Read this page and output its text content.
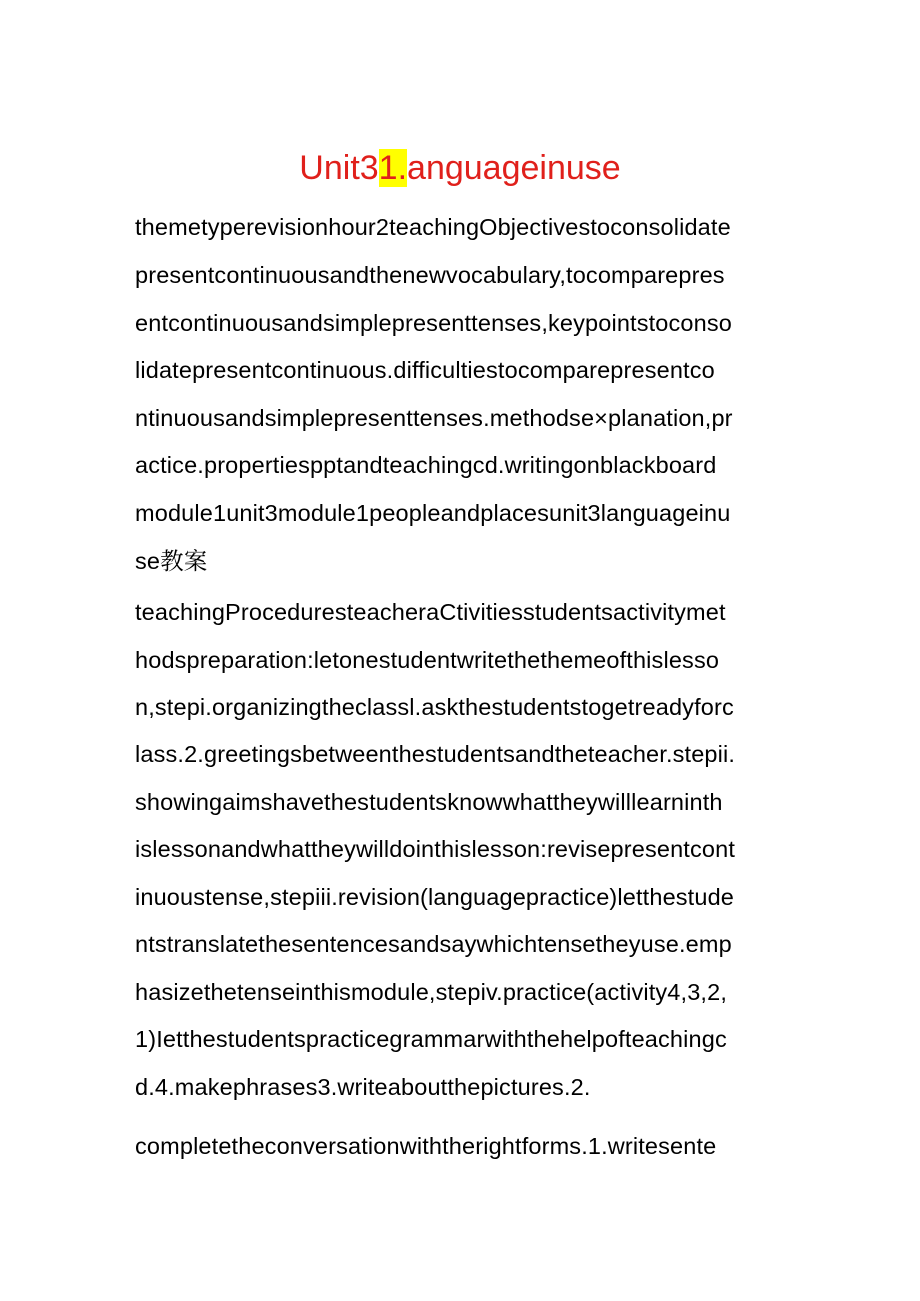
Unit31.anguageinuse
themetyperevisionhour2teachingObjectivestoconsolidate
presentcontinuousandthenewvocabulary,tocomparepres
entcontinuousandsimplepresenttenses,keypointstoconso
lidatepresentcontinuous.difficultiestocomparepresentco
ntinuousandsimplepresenttenses.methodse×planation,pr
actice.propertiespptandteachingcd.writingonblackboard
module1unit3module1peopleandplacesunit3languageinu
se教案
teachingProceduresteacheraCtivitiesstudentsactivitymet
hodspreparation:letonestudentwritethethemeofthislesso
n,stepi.organizingtheclassl.askthestudentstogetreadyforc
lass.2.greetingsbetweenthestudentsandtheteacher.stepii.
showingaimshavethestudentsknowwhattheywilllearninth
islessonandwhattheywilldointhislesson:revisepresentcont
inuoustense,stepiii.revision(languagepractice)letthestude
ntstranslatethesentencesandsaywhichtensetheyuse.emp
hasizethetenseinthismodule,stepiv.practice(activity4,3,2,
1)Ietthestudentspracticegrammarwiththehelpofteachingc
d.4.makephrases3.writeaboutthepictures.2.
completetheconversationwiththerightforms.1.writesente
